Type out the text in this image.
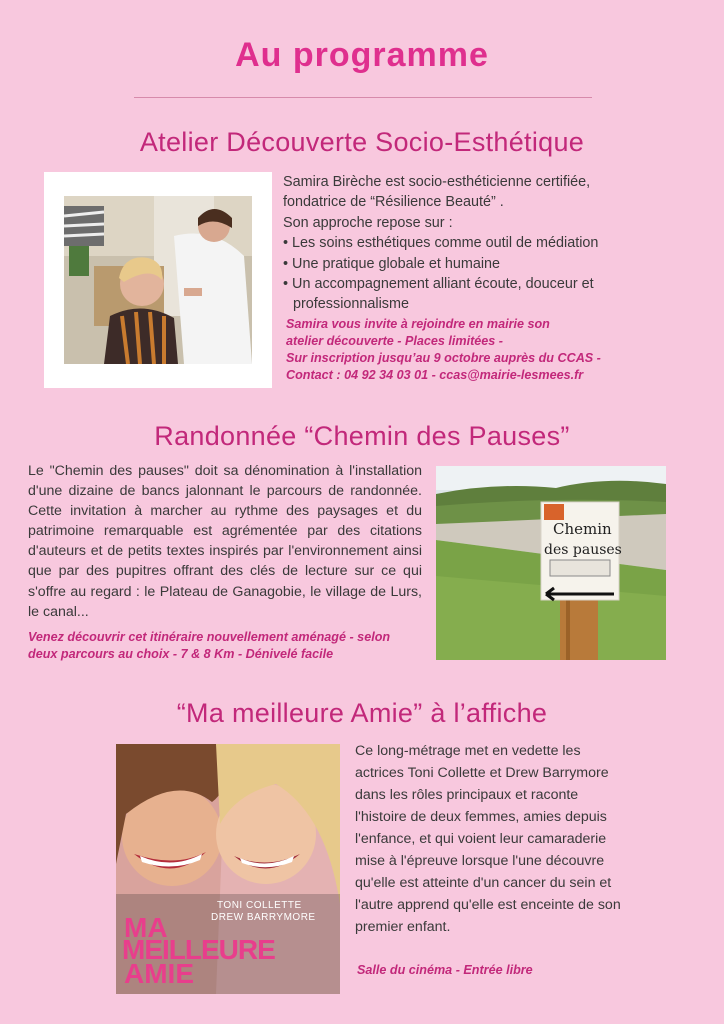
Au programme
Atelier Découverte Socio-Esthétique

Samira Birèche est socio-esthéticienne certifiée,

fondatrice de “Résilience Beauté” .

Son approche repose sur :

• Les soins esthétiques comme outil de médiation

• Une pratique globale et humaine

• Un accompagnement alliant écoute, douceur et professionnalisme

Samira vous invite à rejoindre en mairie son

atelier découverte - Places limitées -

Sur inscription jusqu’au 9 octobre auprès du CCAS -

Contact : 04 92 34 03 01 - ccas@mairie-lesmees.fr

Randonnée “Chemin des Pauses”
Le "Chemin des pauses" doit sa dénomination à l'installation d'une dizaine de bancs jalonnant le parcours de randonnée. Cette invitation à marcher au rythme des paysages et du patrimoine remarquable est agrémentée par des citations d'auteurs et de petits textes inspirés par l'environnement ainsi que par des pupitres offrant des clés de lecture sur ce qui s'offre au regard : le Plateau de Ganagobie, le village de Lurs, le canal...
Venez découvrir cet itinéraire nouvellement aménagé - selon deux parcours au choix - 7 & 8 Km - Dénivelé facile
Chemin
des pauses
“Ma meilleure Amie” à l’affiche
TONI COLLETTE
DREW BARRYMORE
MA
MEILLEURE
AMIE
Ce long-métrage met en vedette les actrices Toni Collette et Drew Barrymore dans les rôles principaux et raconte l'histoire de deux femmes, amies depuis l'enfance, et qui voient leur camaraderie mise à l'épreuve lorsque l'une découvre qu'elle est atteinte d'un cancer du sein et l'autre apprend qu'elle est enceinte de son premier enfant.
Salle du cinéma - Entrée libre
